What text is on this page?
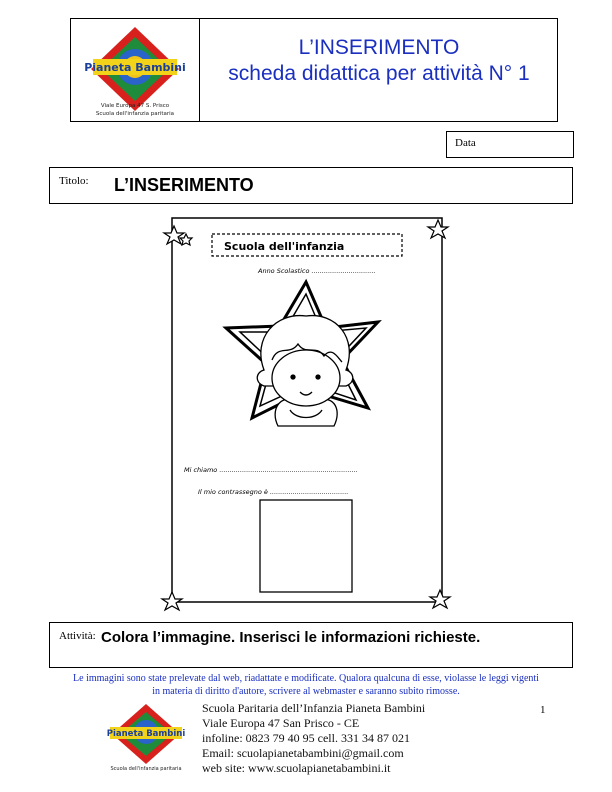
Pianeta Bambini
Viale Europa 47 S. Prisco
Scuola dell'infanzia paritaria
L’INSERIMENTO
scheda didattica per attività N° 1
Data
Titolo: L’INSERIMENTO
Scuola dell'infanzia
Anno Scolastico ...............................
Mi chiamo ...................................................................
Il mio contrassegno è ......................................
Attività: Colora l’immagine. Inserisci le informazioni richieste.
Le immagini sono state prelevate dal web, riadattate e modificate. Qualora qualcuna di esse, violasse le leggi vigenti
in materia di diritto d'autore, scrivere al webmaster e saranno subito rimosse.
1
Pianeta Bambini
Scuola dell'infanzia paritaria
Scuola Paritaria dell’Infanzia Pianeta Bambini
Viale Europa 47 San Prisco - CE
infoline: 0823 79 40 95 cell. 331 34 87 021
Email: scuolapianetabambini@gmail.com
web site: www.scuolapianetabambini.it
